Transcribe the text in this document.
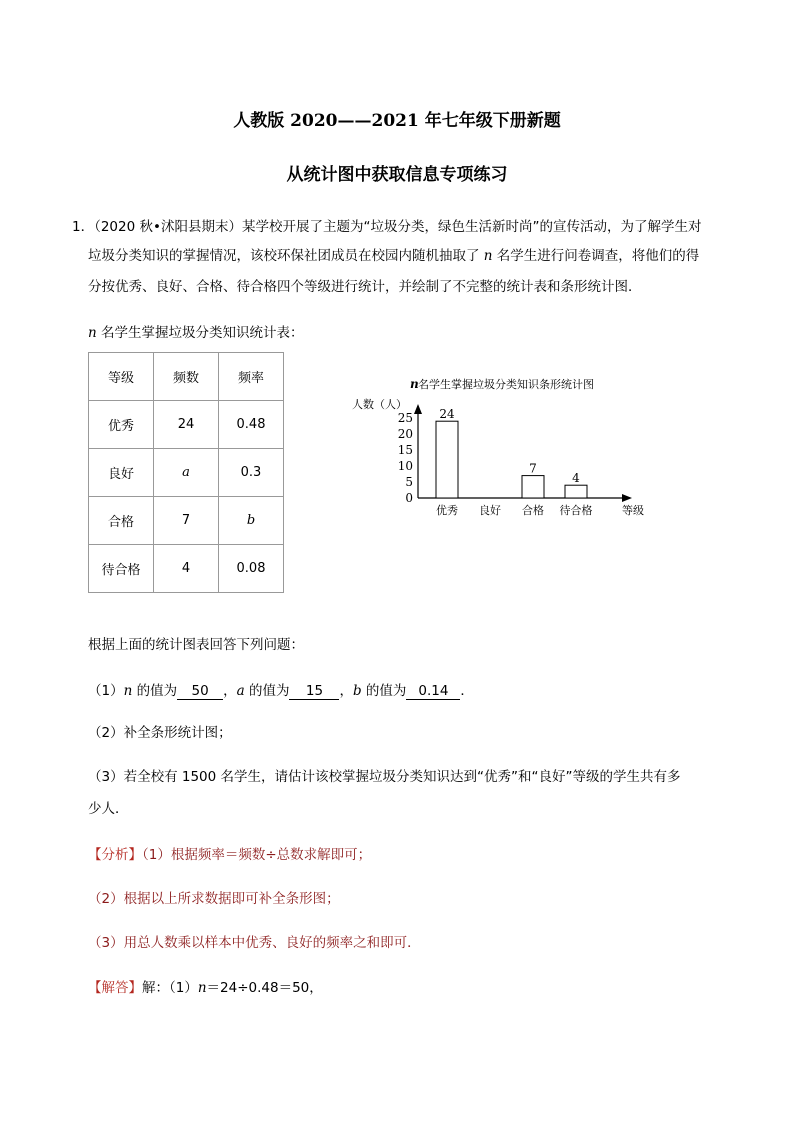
人教版 2020——2021 年七年级下册新题
从统计图中获取信息专项练习
1．（2020 秋•沭阳县期末）某学校开展了主题为“垃圾分类，绿色生活新时尚”的宣传活动，为了解学生对
垃圾分类知识的掌握情况，该校环保社团成员在校园内随机抽取了 n 名学生进行问卷调查，将他们的得
分按优秀、良好、合格、待合格四个等级进行统计，并绘制了不完整的统计表和条形统计图．
n 名学生掌握垃圾分类知识统计表：
等级	频数	频率
优秀	24	0.48
良好	a	0.3
合格	7	b
待合格	4	0.08
n 名学生掌握垃圾分类知识条形统计图
人数（人）
等级
0
5
10
15
20
25
优秀
24
良好 合格
7
待合格
4
根据上面的统计图表回答下列问题：
（1）n 的值为 50 ，a 的值为 15 ，b 的值为 0.14 ．
（2）补全条形统计图；
（3）若全校有 1500 名学生，请估计该校掌握垃圾分类知识达到“优秀”和“良好”等级的学生共有多
少人．
【分析】（1）根据频率＝频数÷总数求解即可；
（2）根据以上所求数据即可补全条形图；
（3）用总人数乘以样本中优秀、良好的频率之和即可．
【解答】解：（1）n＝24÷0.48＝50，
